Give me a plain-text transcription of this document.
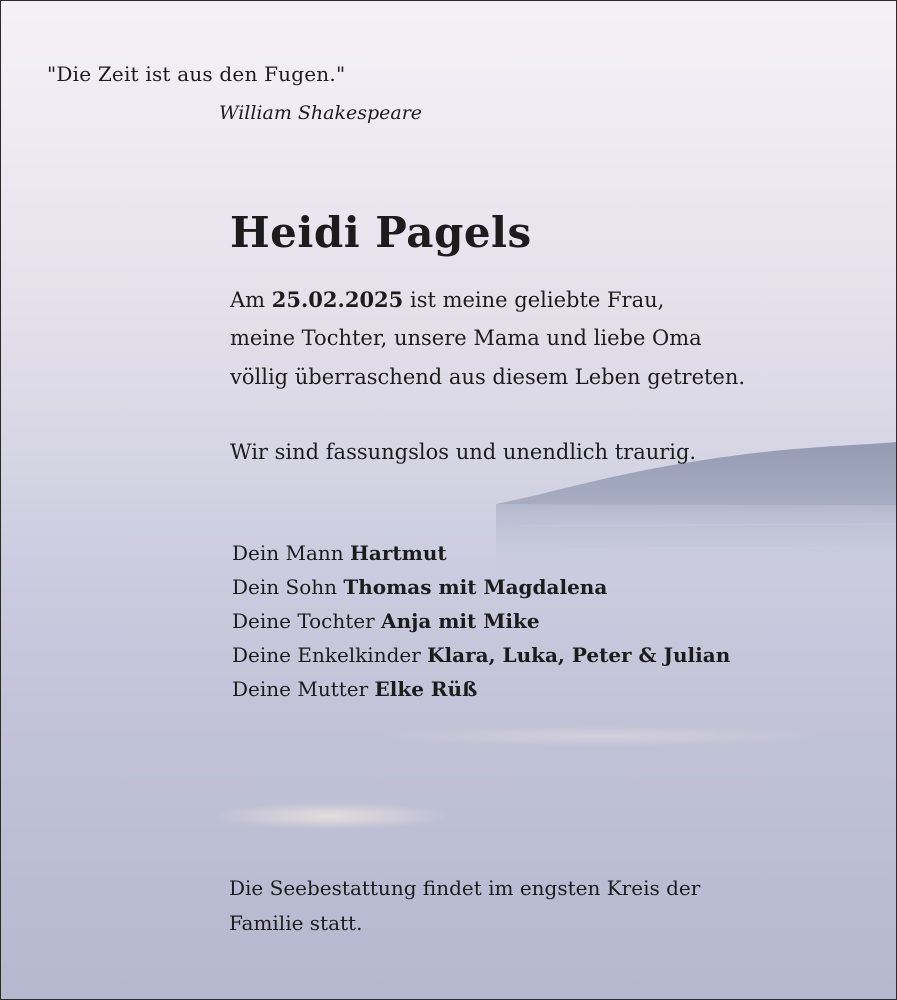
"Die Zeit ist aus den Fugen."

William Shakespeare

Heidi Pagels

Am 25.02.2025 ist meine geliebte Frau,

meine Tochter, unsere Mama und liebe Oma

völlig überraschend aus diesem Leben getreten.

Wir sind fassungslos und unendlich traurig.

Dein Mann Hartmut

Dein Sohn Thomas mit Magdalena

Deine Tochter Anja mit Mike

Deine Enkelkinder Klara, Luka, Peter & Julian

Deine Mutter Elke Rüß

Die Seebestattung findet im engsten Kreis der

Familie statt.
